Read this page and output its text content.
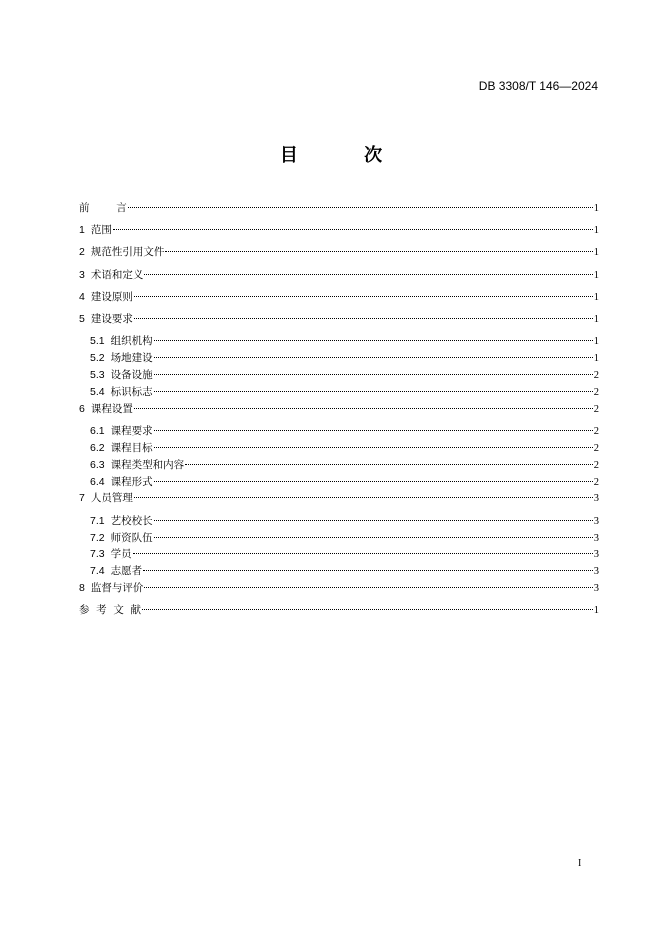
DB 3308/T 146—2024
目 次
前        言	1
1 范围	1
2 规范性引用文件	1
3 术语和定义	1
4 建设原则	1
5 建设要求	1
5.1 组织机构	1
5.2 场地建设	1
5.3 设备设施	2
5.4 标识标志	2
6 课程设置	2
6.1 课程要求	2
6.2 课程目标	2
6.3 课程类型和内容	2
6.4 课程形式	2
7 人员管理	3
7.1 艺校校长	3
7.2 师资队伍	3
7.3 学员	3
7.4 志愿者	3
8 监督与评价	3
参  考  文  献	1
I
